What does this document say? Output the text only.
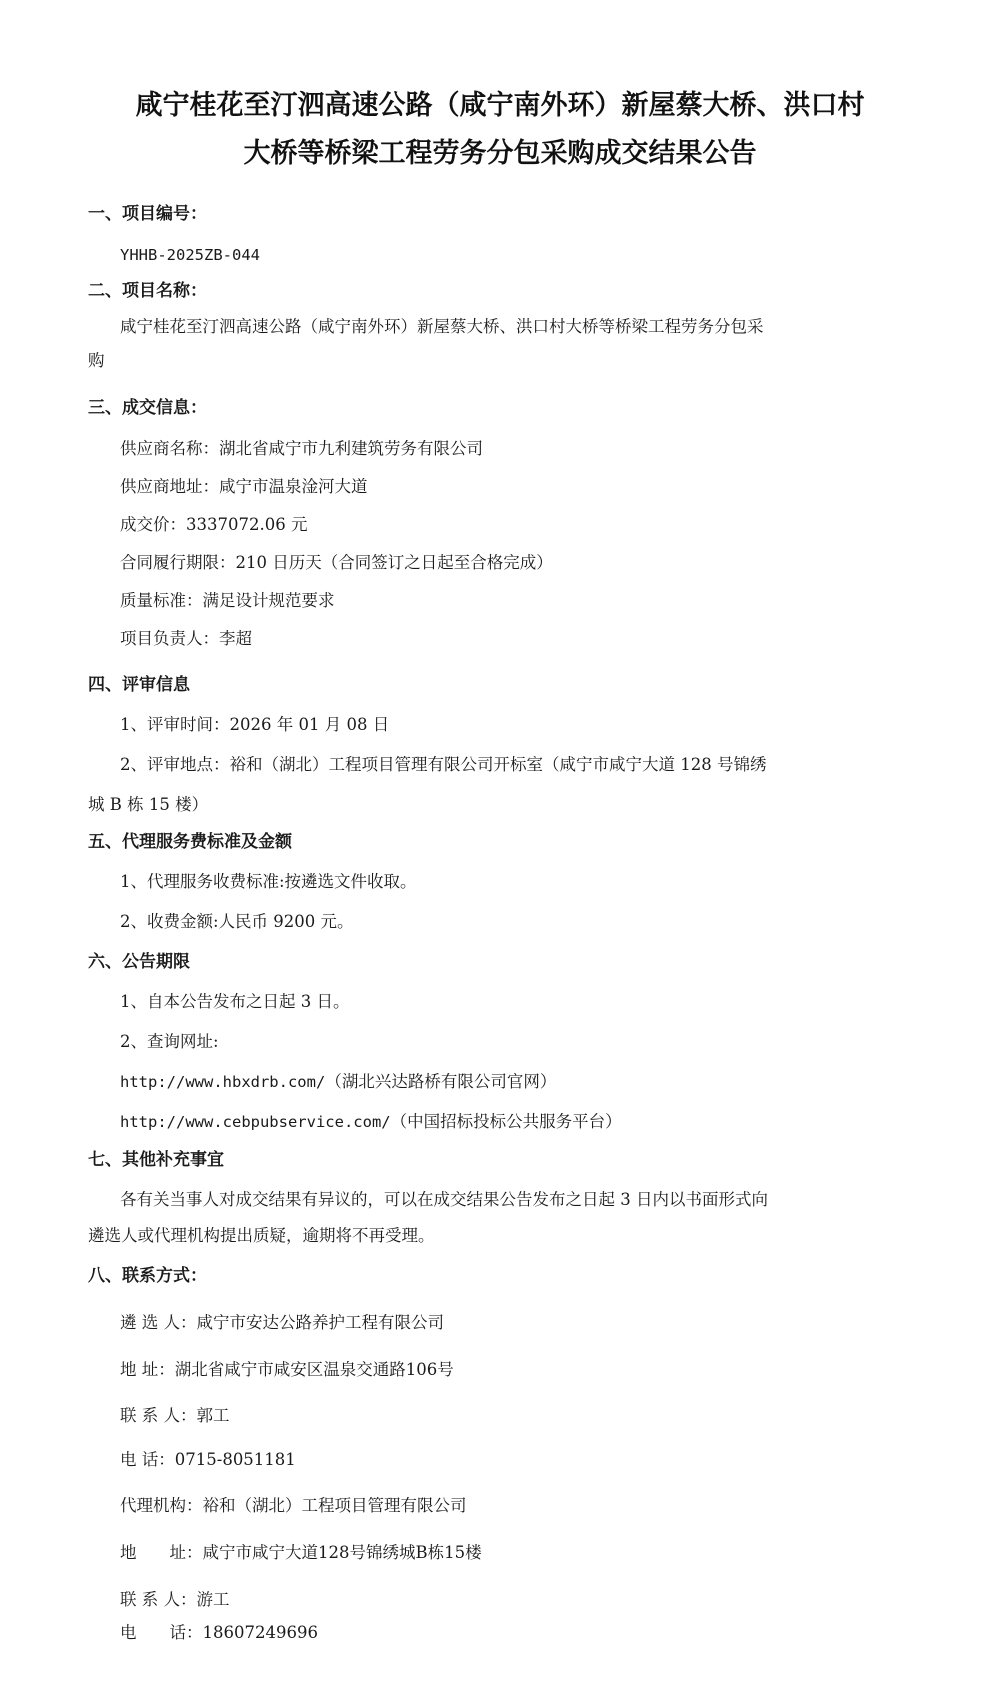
咸宁桂花至汀泗高速公路（咸宁南外环）新屋蔡大桥、洪口村
大桥等桥梁工程劳务分包采购成交结果公告
一、项目编号：
YHHB-2025ZB-044
二、项目名称：
咸宁桂花至汀泗高速公路（咸宁南外环）新屋蔡大桥、洪口村大桥等桥梁工程劳务分包采
购
三、成交信息：
供应商名称：湖北省咸宁市九利建筑劳务有限公司
供应商地址：咸宁市温泉淦河大道
成交价：3337072.06 元
合同履行期限：210 日历天（合同签订之日起至合格完成）
质量标准：满足设计规范要求
项目负责人：李超
四、评审信息
1、评审时间：2026 年 01 月 08 日
2、评审地点：裕和（湖北）工程项目管理有限公司开标室（咸宁市咸宁大道 128 号锦绣
城 B 栋 15 楼）
五、代理服务费标准及金额
1、代理服务收费标准:按遴选文件收取。
2、收费金额:人民币 9200 元。
六、公告期限
1、自本公告发布之日起 3 日。
2、查询网址:
http://www.hbxdrb.com/（湖北兴达路桥有限公司官网）
http://www.cebpubservice.com/（中国招标投标公共服务平台）
七、其他补充事宜
各有关当事人对成交结果有异议的，可以在成交结果公告发布之日起 3 日内以书面形式向
遴选人或代理机构提出质疑，逾期将不再受理。
八、联系方式：
遴 选 人：咸宁市安达公路养护工程有限公司
地 址：湖北省咸宁市咸安区温泉交通路106号
联 系 人：郭工
电 话：0715-8051181
代理机构：裕和（湖北）工程项目管理有限公司
地　　址：咸宁市咸宁大道128号锦绣城B栋15楼
联 系 人：游工
电　　话：18607249696
